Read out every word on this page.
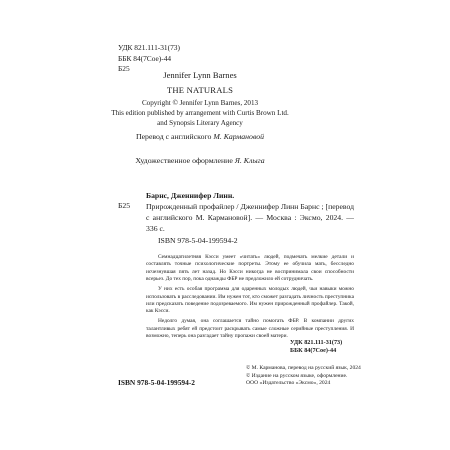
УДК 821.111-31(73)
ББК 84(7Сое)-44
Б25
Jennifer Lynn Barnes
THE NATURALS
Copyright © Jennifer Lynn Barnes, 2013
This edition published by arrangement with Curtis Brown Ltd.
and Synopsis Literary Agency
Перевод с английского М. Кармановой
Художественное оформление Я. Клыга
Барнс, Дженнифер Линн.
Б25 Прирожденный профайлер / Дженнифер Линн Барнс ; [перевод с английского М. Кармановой]. — Москва : Эксмо, 2024. — 336 с.
ISBN 978-5-04-199594-2

Семнадцатилетняя Кэсси умеет «читать» людей, подмечать мелкие детали и составлять точные психологические портреты. Этому ее обучила мать, бесследно исчезнувшая пять лет назад. Но Кэсси никогда не воспринимала свои способности всерьез. До тех пор, пока однажды ФБР не предложило ей сотрудничать.

У них есть особая программа для одаренных молодых людей, чьи навыки можно использовать в расследовании. Им нужен тот, кто сможет разгадать личность преступника или предсказать поведение подозреваемого. Им нужен прирожденный профайлер. Такой, как Кэсси.

Недолго думая, она соглашается тайно помогать ФБР. В компании других талантливых ребят ей предстоит раскрывать самые сложные серийные преступления. И возможно, теперь она разгадает тайну пропажи своей матери.

УДК 821.111-31(73)
ББК 84(7Сое)-44
ISBN 978-5-04-199594-2
© М. Карманова, перевод на русский язык, 2024
© Издание на русском языке, оформление.
ООО «Издательство «Эксмо», 2024
